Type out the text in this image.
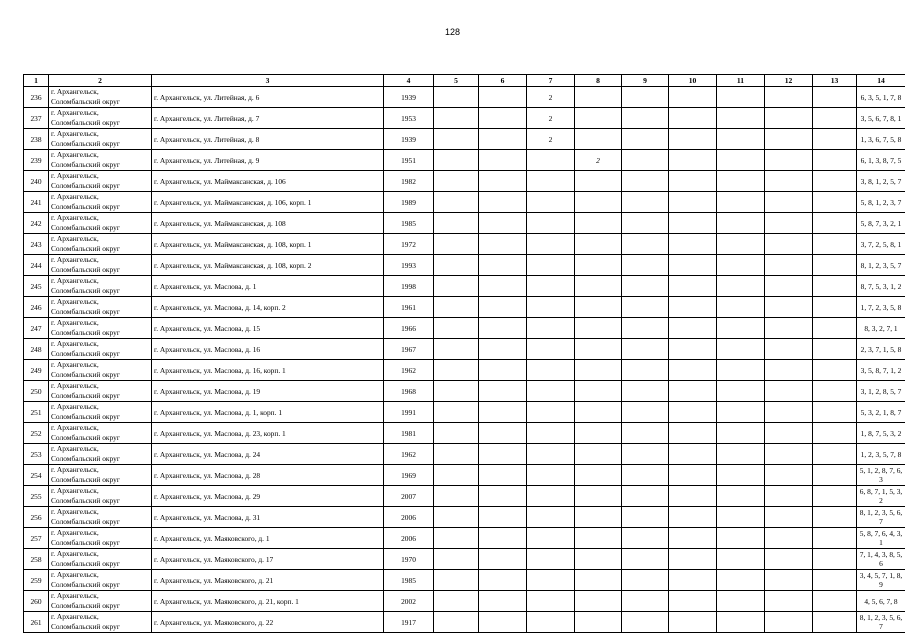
128
1	2	3	4	5	6	7	8	9	10	11	12	13	14
236	г. Архангельск,
Соломбальский округ	г. Архангельск, ул. Литейная, д. 6	1939			2							6, 3, 5, 1, 7, 8
237	г. Архангельск,
Соломбальский округ	г. Архангельск, ул. Литейная, д. 7	1953			2							3, 5, 6, 7, 8, 1
238	г. Архангельск,
Соломбальский округ	г. Архангельск, ул. Литейная, д. 8	1939			2							1, 3, 6, 7, 5, 8
239	г. Архангельск,
Соломбальский округ	г. Архангельск, ул. Литейная, д. 9	1951				2						6, 1, 3, 8, 7, 5
240	г. Архангельск,
Соломбальский округ	г. Архангельск, ул. Маймаксанская, д. 106	1982										3, 8, 1, 2, 5, 7
241	г. Архангельск,
Соломбальский округ	г. Архангельск, ул. Маймаксанская, д. 106, корп. 1	1989										5, 8, 1, 2, 3, 7
242	г. Архангельск,
Соломбальский округ	г. Архангельск, ул. Маймаксанская, д. 108	1985										5, 8, 7, 3, 2, 1
243	г. Архангельск,
Соломбальский округ	г. Архангельск, ул. Маймаксанская, д. 108, корп. 1	1972										3, 7, 2, 5, 8, 1
244	г. Архангельск,
Соломбальский округ	г. Архангельск, ул. Маймаксанская, д. 108, корп. 2	1993										8, 1, 2, 3, 5, 7
245	г. Архангельск,
Соломбальский округ	г. Архангельск, ул. Маслова, д. 1	1998										8, 7, 5, 3, 1, 2
246	г. Архангельск,
Соломбальский округ	г. Архангельск, ул. Маслова, д. 14, корп. 2	1961										1, 7, 2, 3, 5, 8
247	г. Архангельск,
Соломбальский округ	г. Архангельск, ул. Маслова, д. 15	1966										8, 3, 2, 7, 1
248	г. Архангельск,
Соломбальский округ	г. Архангельск, ул. Маслова, д. 16	1967										2, 3, 7, 1, 5, 8
249	г. Архангельск,
Соломбальский округ	г. Архангельск, ул. Маслова, д. 16, корп. 1	1962										3, 5, 8, 7, 1, 2
250	г. Архангельск,
Соломбальский округ	г. Архангельск, ул. Маслова, д. 19	1968										3, 1, 2, 8, 5, 7
251	г. Архангельск,
Соломбальский округ	г. Архангельск, ул. Маслова, д. 1, корп. 1	1991										5, 3, 2, 1, 8, 7
252	г. Архангельск,
Соломбальский округ	г. Архангельск, ул. Маслова, д. 23, корп. 1	1981										1, 8, 7, 5, 3, 2
253	г. Архангельск,
Соломбальский округ	г. Архангельск, ул. Маслова, д. 24	1962										1, 2, 3, 5, 7, 8
254	г. Архангельск,
Соломбальский округ	г. Архангельск, ул. Маслова, д. 28	1969										5, 1, 2, 8, 7, 6, 3
255	г. Архангельск,
Соломбальский округ	г. Архангельск, ул. Маслова, д. 29	2007										6, 8, 7, 1, 5, 3, 2
256	г. Архангельск,
Соломбальский округ	г. Архангельск, ул. Маслова, д. 31	2006										8, 1, 2, 3, 5, 6, 7
257	г. Архангельск,
Соломбальский округ	г. Архангельск, ул. Маяковского, д. 1	2006										5, 8, 7, 6, 4, 3, 1
258	г. Архангельск,
Соломбальский округ	г. Архангельск, ул. Маяковского, д. 17	1970										7, 1, 4, 3, 8, 5, 6
259	г. Архангельск,
Соломбальский округ	г. Архангельск, ул. Маяковского, д. 21	1985										3, 4, 5, 7, 1, 8, 9
260	г. Архангельск,
Соломбальский округ	г. Архангельск, ул. Маяковского, д. 21, корп. 1	2002										4, 5, 6, 7, 8
261	г. Архангельск,
Соломбальский округ	г. Архангельск, ул. Маяковского, д. 22	1917										8, 1, 2, 3, 5, 6, 7
